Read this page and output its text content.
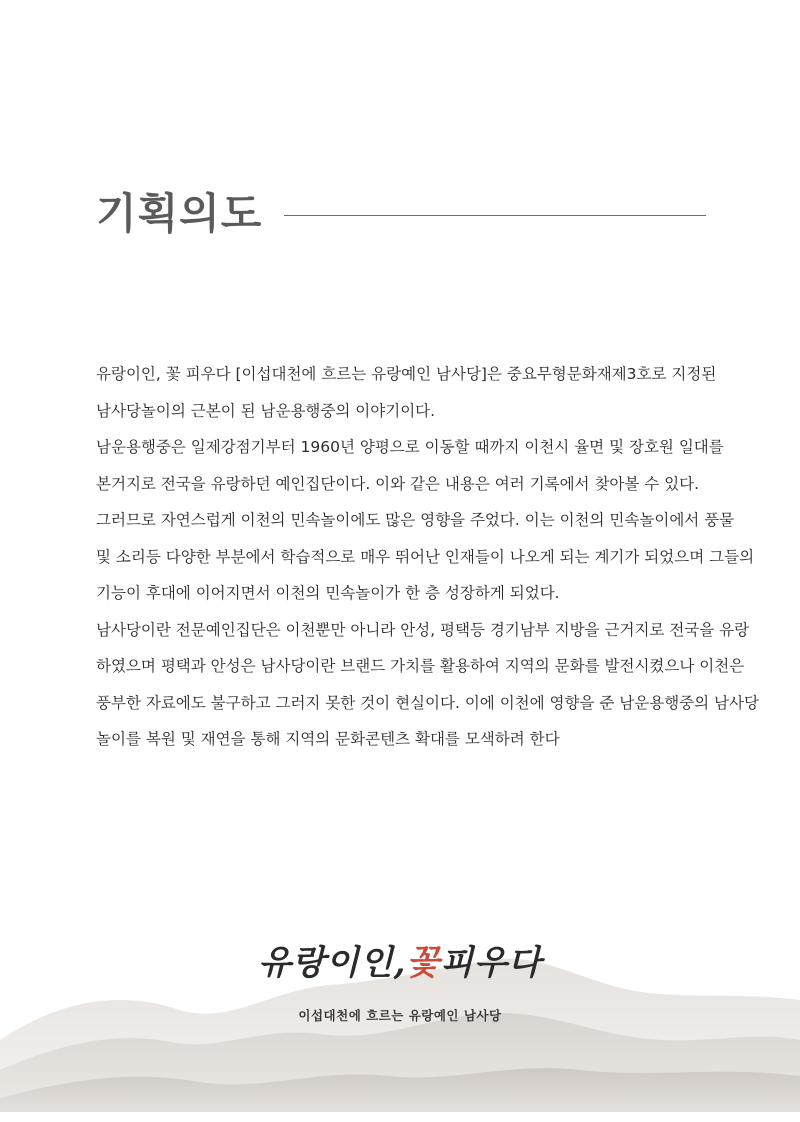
기획의도
유랑이인, 꽃 피우다 [이섭대천에 흐르는 유랑예인 남사당]은 중요무형문화재제3호로 지정된
남사당놀이의 근본이 된 남운용행중의 이야기이다.
남운용행중은 일제강점기부터 1960년 양평으로 이동할 때까지 이천시 율면 및 장호원 일대를
본거지로 전국을 유랑하던 예인집단이다. 이와 같은 내용은 여러 기록에서 찾아볼 수 있다.
그러므로 자연스럽게 이천의 민속놀이에도 많은 영향을 주었다. 이는 이천의 민속놀이에서 풍물
및 소리등 다양한 부분에서 학습적으로 매우 뛰어난 인재들이 나오게 되는 계기가 되었으며 그들의
기능이 후대에 이어지면서 이천의 민속놀이가 한 층 성장하게 되었다.
남사당이란 전문예인집단은 이천뿐만 아니라 안성, 평택등 경기남부 지방을 근거지로 전국을 유랑
하였으며 평택과 안성은 남사당이란 브랜드 가치를 활용하여 지역의 문화를 발전시켰으나 이천은
풍부한 자료에도 불구하고 그러지 못한 것이 현실이다. 이에 이천에 영향을 준 남운용행중의 남사당
놀이를 복원 및 재연을 통해 지역의 문화콘텐츠 확대를 모색하려 한다
유랑이인,꽃피우다
이섭대천에 흐르는 유랑예인 남사당
